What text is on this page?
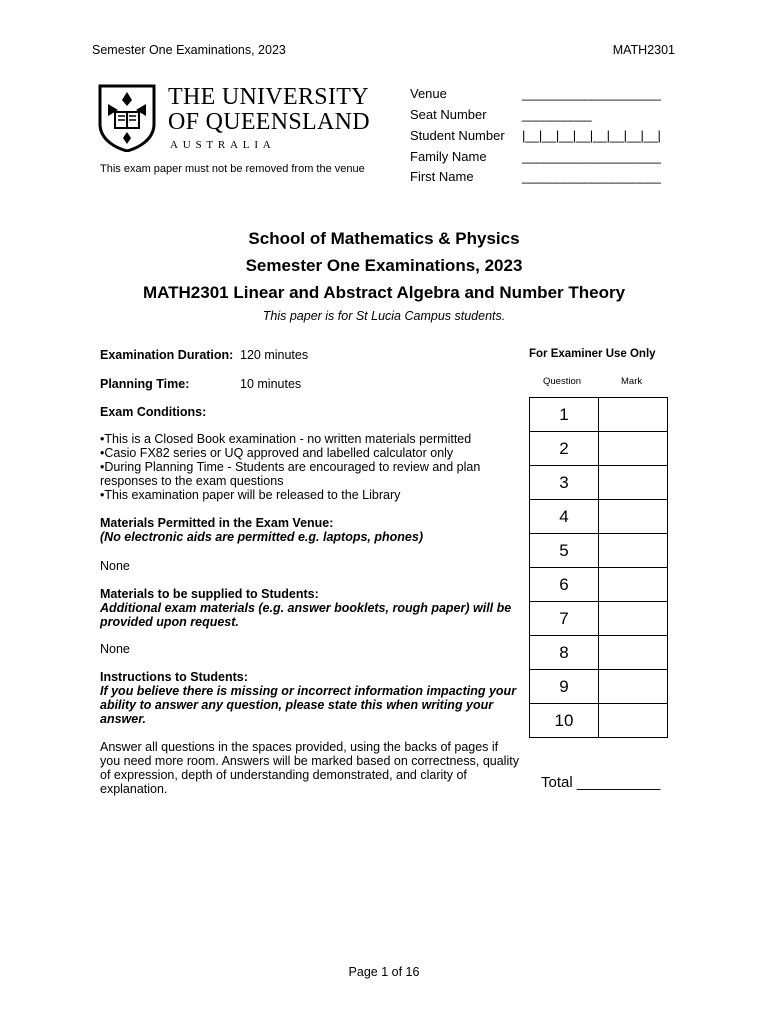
Semester One Examinations, 2023	MATH2301
THE UNIVERSITY
OF QUEENSLAND
AUSTRALIA
This exam paper must not be removed from the venue
Venue	____________________
Seat Number	__________
Student Number |__|__|__|__|__|__|__|__|
Family Name	____________________
First Name	____________________
School of Mathematics & Physics
Semester One Examinations, 2023
MATH2301 Linear and Abstract Algebra and Number Theory
This paper is for St Lucia Campus students.
Examination Duration: 120 minutes
Planning Time:	10 minutes
Exam Conditions:
•This is a Closed Book examination - no written materials permitted
•Casio FX82 series or UQ approved and labelled calculator only
•During Planning Time - Students are encouraged to review and plan responses to the exam questions
•This examination paper will be released to the Library
Materials Permitted in the Exam Venue:
(No electronic aids are permitted e.g. laptops, phones)
None
Materials to be supplied to Students:
Additional exam materials (e.g. answer booklets, rough paper) will be provided upon request.
None
Instructions to Students:
If you believe there is missing or incorrect information impacting your ability to answer any question, please state this when writing your answer.
Answer all questions in the spaces provided, using the backs of pages if you need more room. Answers will be marked based on correctness, quality of expression, depth of understanding demonstrated, and clarity of explanation.
For Examiner Use Only
Question	Mark
1	
2	
3	
4	
5	
6	
7	
8	
9	
10	
Total __________
Page 1 of 16
